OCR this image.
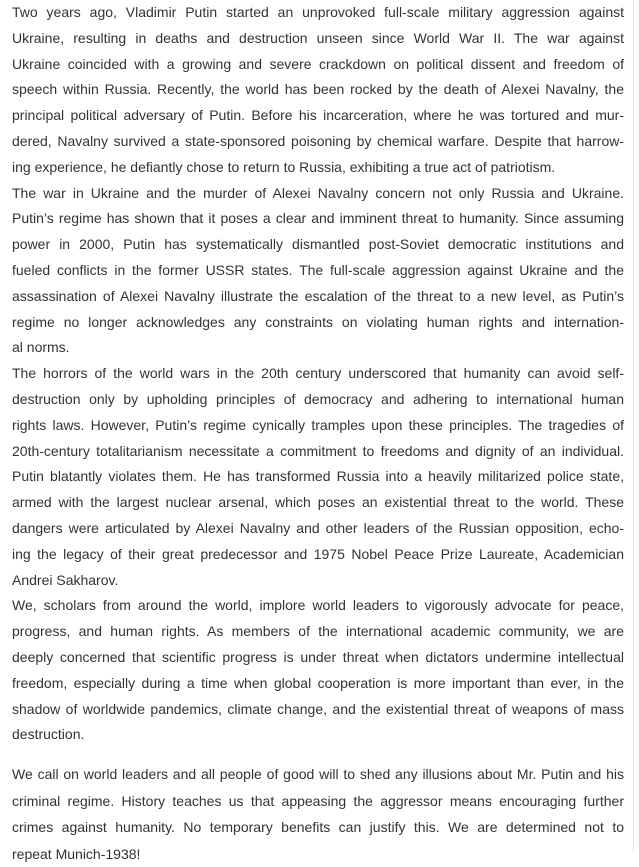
Two years ago, Vladimir Putin started an unprovoked full-scale military aggression against
Ukraine, resulting in deaths and destruction unseen since World War II. The war against
Ukraine coincided with a growing and severe crackdown on political dissent and freedom of
speech within Russia. Recently, the world has been rocked by the death of Alexei Navalny, the
principal political adversary of Putin. Before his incarceration, where he was tortured and mur-
dered, Navalny survived a state-sponsored poisoning by chemical warfare. Despite that harrow-
ing experience, he defiantly chose to return to Russia, exhibiting a true act of patriotism.
The war in Ukraine and the murder of Alexei Navalny concern not only Russia and Ukraine.
Putin’s regime has shown that it poses a clear and imminent threat to humanity. Since assuming
power in 2000, Putin has systematically dismantled post-Soviet democratic institutions and
fueled conflicts in the former USSR states. The full-scale aggression against Ukraine and the
assassination of Alexei Navalny illustrate the escalation of the threat to a new level, as Putin’s
regime no longer acknowledges any constraints on violating human rights and internation-
al norms.
The horrors of the world wars in the 20th century underscored that humanity can avoid self-
destruction only by upholding principles of democracy and adhering to international human
rights laws. However, Putin’s regime cynically tramples upon these principles. The tragedies of
20th-century totalitarianism necessitate a commitment to freedoms and dignity of an individual.
Putin blatantly violates them. He has transformed Russia into a heavily militarized police state,
armed with the largest nuclear arsenal, which poses an existential threat to the world. These
dangers were articulated by Alexei Navalny and other leaders of the Russian opposition, echo-
ing the legacy of their great predecessor and 1975 Nobel Peace Prize Laureate, Academician
Andrei Sakharov.
We, scholars from around the world, implore world leaders to vigorously advocate for peace,
progress, and human rights. As members of the international academic community, we are
deeply concerned that scientific progress is under threat when dictators undermine intellectual
freedom, especially during a time when global cooperation is more important than ever, in the
shadow of worldwide pandemics, climate change, and the existential threat of weapons of mass
destruction.
We call on world leaders and all people of good will to shed any illusions about Mr. Putin and his
criminal regime. History teaches us that appeasing the aggressor means encouraging further
crimes against humanity. No temporary benefits can justify this. We are determined not to
repeat Munich-1938!
